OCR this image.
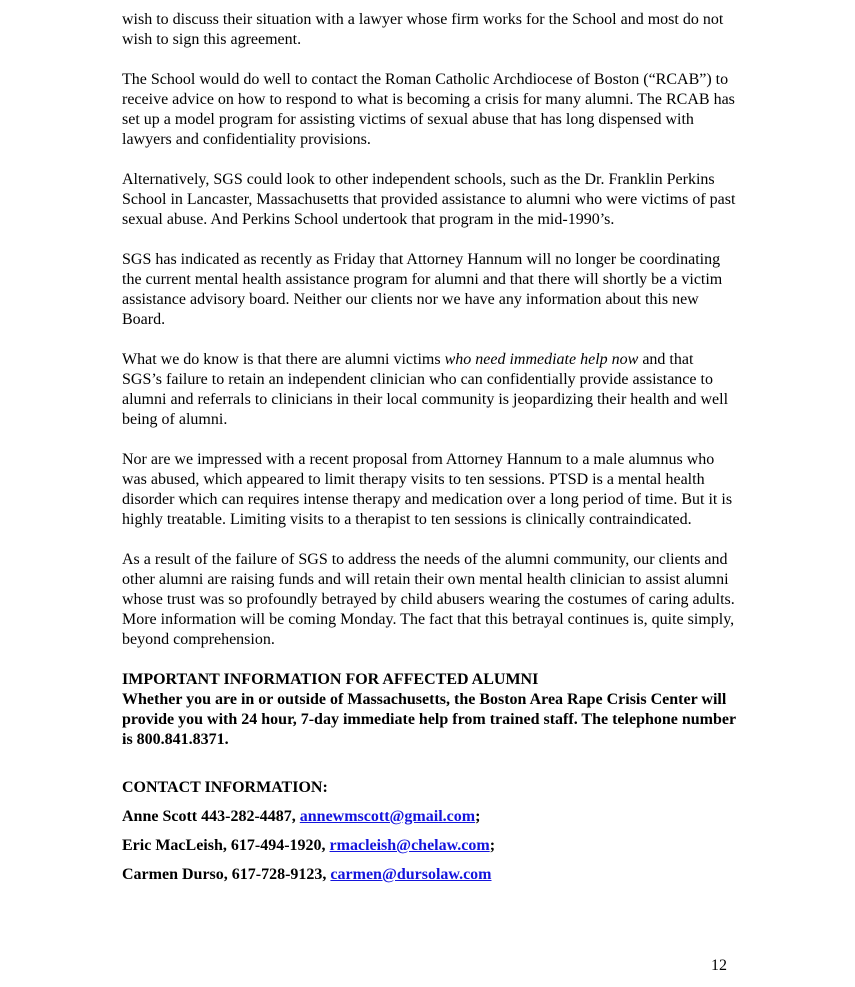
wish to discuss their situation with a lawyer whose firm works for the School and most do not wish to sign this agreement.

The School would do well to contact the Roman Catholic Archdiocese of Boston (“RCAB”) to receive advice on how to respond to what is becoming a crisis for many alumni. The RCAB has set up a model program for assisting victims of sexual abuse that has long dispensed with lawyers and confidentiality provisions.

Alternatively, SGS could look to other independent schools, such as the Dr. Franklin Perkins School in Lancaster, Massachusetts that provided assistance to alumni who were victims of past sexual abuse. And Perkins School undertook that program in the mid-1990’s.

SGS has indicated as recently as Friday that Attorney Hannum will no longer be coordinating the current mental health assistance program for alumni and that there will shortly be a victim assistance advisory board. Neither our clients nor we have any information about this new Board.

What we do know is that there are alumni victims who need immediate help now and that SGS’s failure to retain an independent clinician who can confidentially provide assistance to alumni and referrals to clinicians in their local community is jeopardizing their health and well being of alumni.

Nor are we impressed with a recent proposal from Attorney Hannum to a male alumnus who was abused, which appeared to limit therapy visits to ten sessions. PTSD is a mental health disorder which can requires intense therapy and medication over a long period of time. But it is highly treatable. Limiting visits to a therapist to ten sessions is clinically contraindicated.

As a result of the failure of SGS to address the needs of the alumni community, our clients and other alumni are raising funds and will retain their own mental health clinician to assist alumni whose trust was so profoundly betrayed by child abusers wearing the costumes of caring adults. More information will be coming Monday. The fact that this betrayal continues is, quite simply, beyond comprehension.

IMPORTANT INFORMATION FOR AFFECTED ALUMNI
Whether you are in or outside of Massachusetts, the Boston Area Rape Crisis Center will provide you with 24 hour, 7-day immediate help from trained staff. The telephone number is 800.841.8371.

CONTACT INFORMATION:

Anne Scott 443-282-4487, annewmscott@gmail.com;

Eric MacLeish, 617-494-1920, rmacleish@chelaw.com;

Carmen Durso, 617-728-9123, carmen@dursolaw.com

12
